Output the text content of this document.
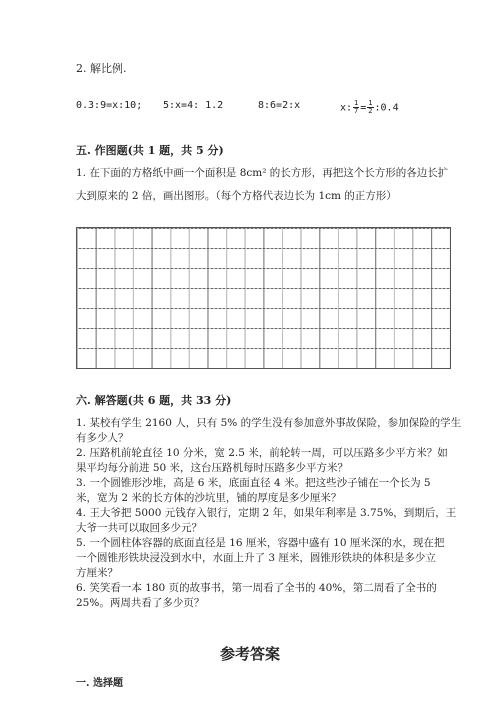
2. 解比例.
0.3:9=x:10; 5:x=4: 1.2	8:6=2:x	x: $\frac{1}{7} = \frac{1}{2}$ :0.4
五. 作图题(共 1 题，共 5 分)
1. 在下面的方格纸中画一个面积是 8cm² 的长方形，再把这个长方形的各边长扩
大到原来的 2 倍，画出图形。（每个方格代表边长为 1cm 的正方形）
六. 解答题(共 6 题，共 33 分)
1. 某校有学生 2160 人，只有 5% 的学生没有参加意外事故保险，参加保险的学生
有多少人？
2. 压路机前轮直径 10 分米，宽 2.5 米，前轮转一周，可以压路多少平方米？如
果平均每分前进 50 米，这台压路机每时压路多少平方米？
3. 一个圆锥形沙堆，高是 6 米，底面直径 4 米。把这些沙子铺在一个长为 5
米，宽为 2 米的长方体的沙坑里，铺的厚度是多少厘米？
4. 王大爷把 5000 元钱存入银行，定期 2 年，如果年利率是 3.75%，到期后，王
大爷一共可以取回多少元？
5. 一个圆柱体容器的底面直径是 16 厘米，容器中盛有 10 厘米深的水，现在把
一个圆锥形铁块浸没到水中，水面上升了 3 厘米，圆锥形铁块的体积是多少立
方厘米？
6. 笑笑看一本 180 页的故事书，第一周看了全书的 40%，第二周看了全书的
25%。两周共看了多少页？
参考答案
一. 选择题
